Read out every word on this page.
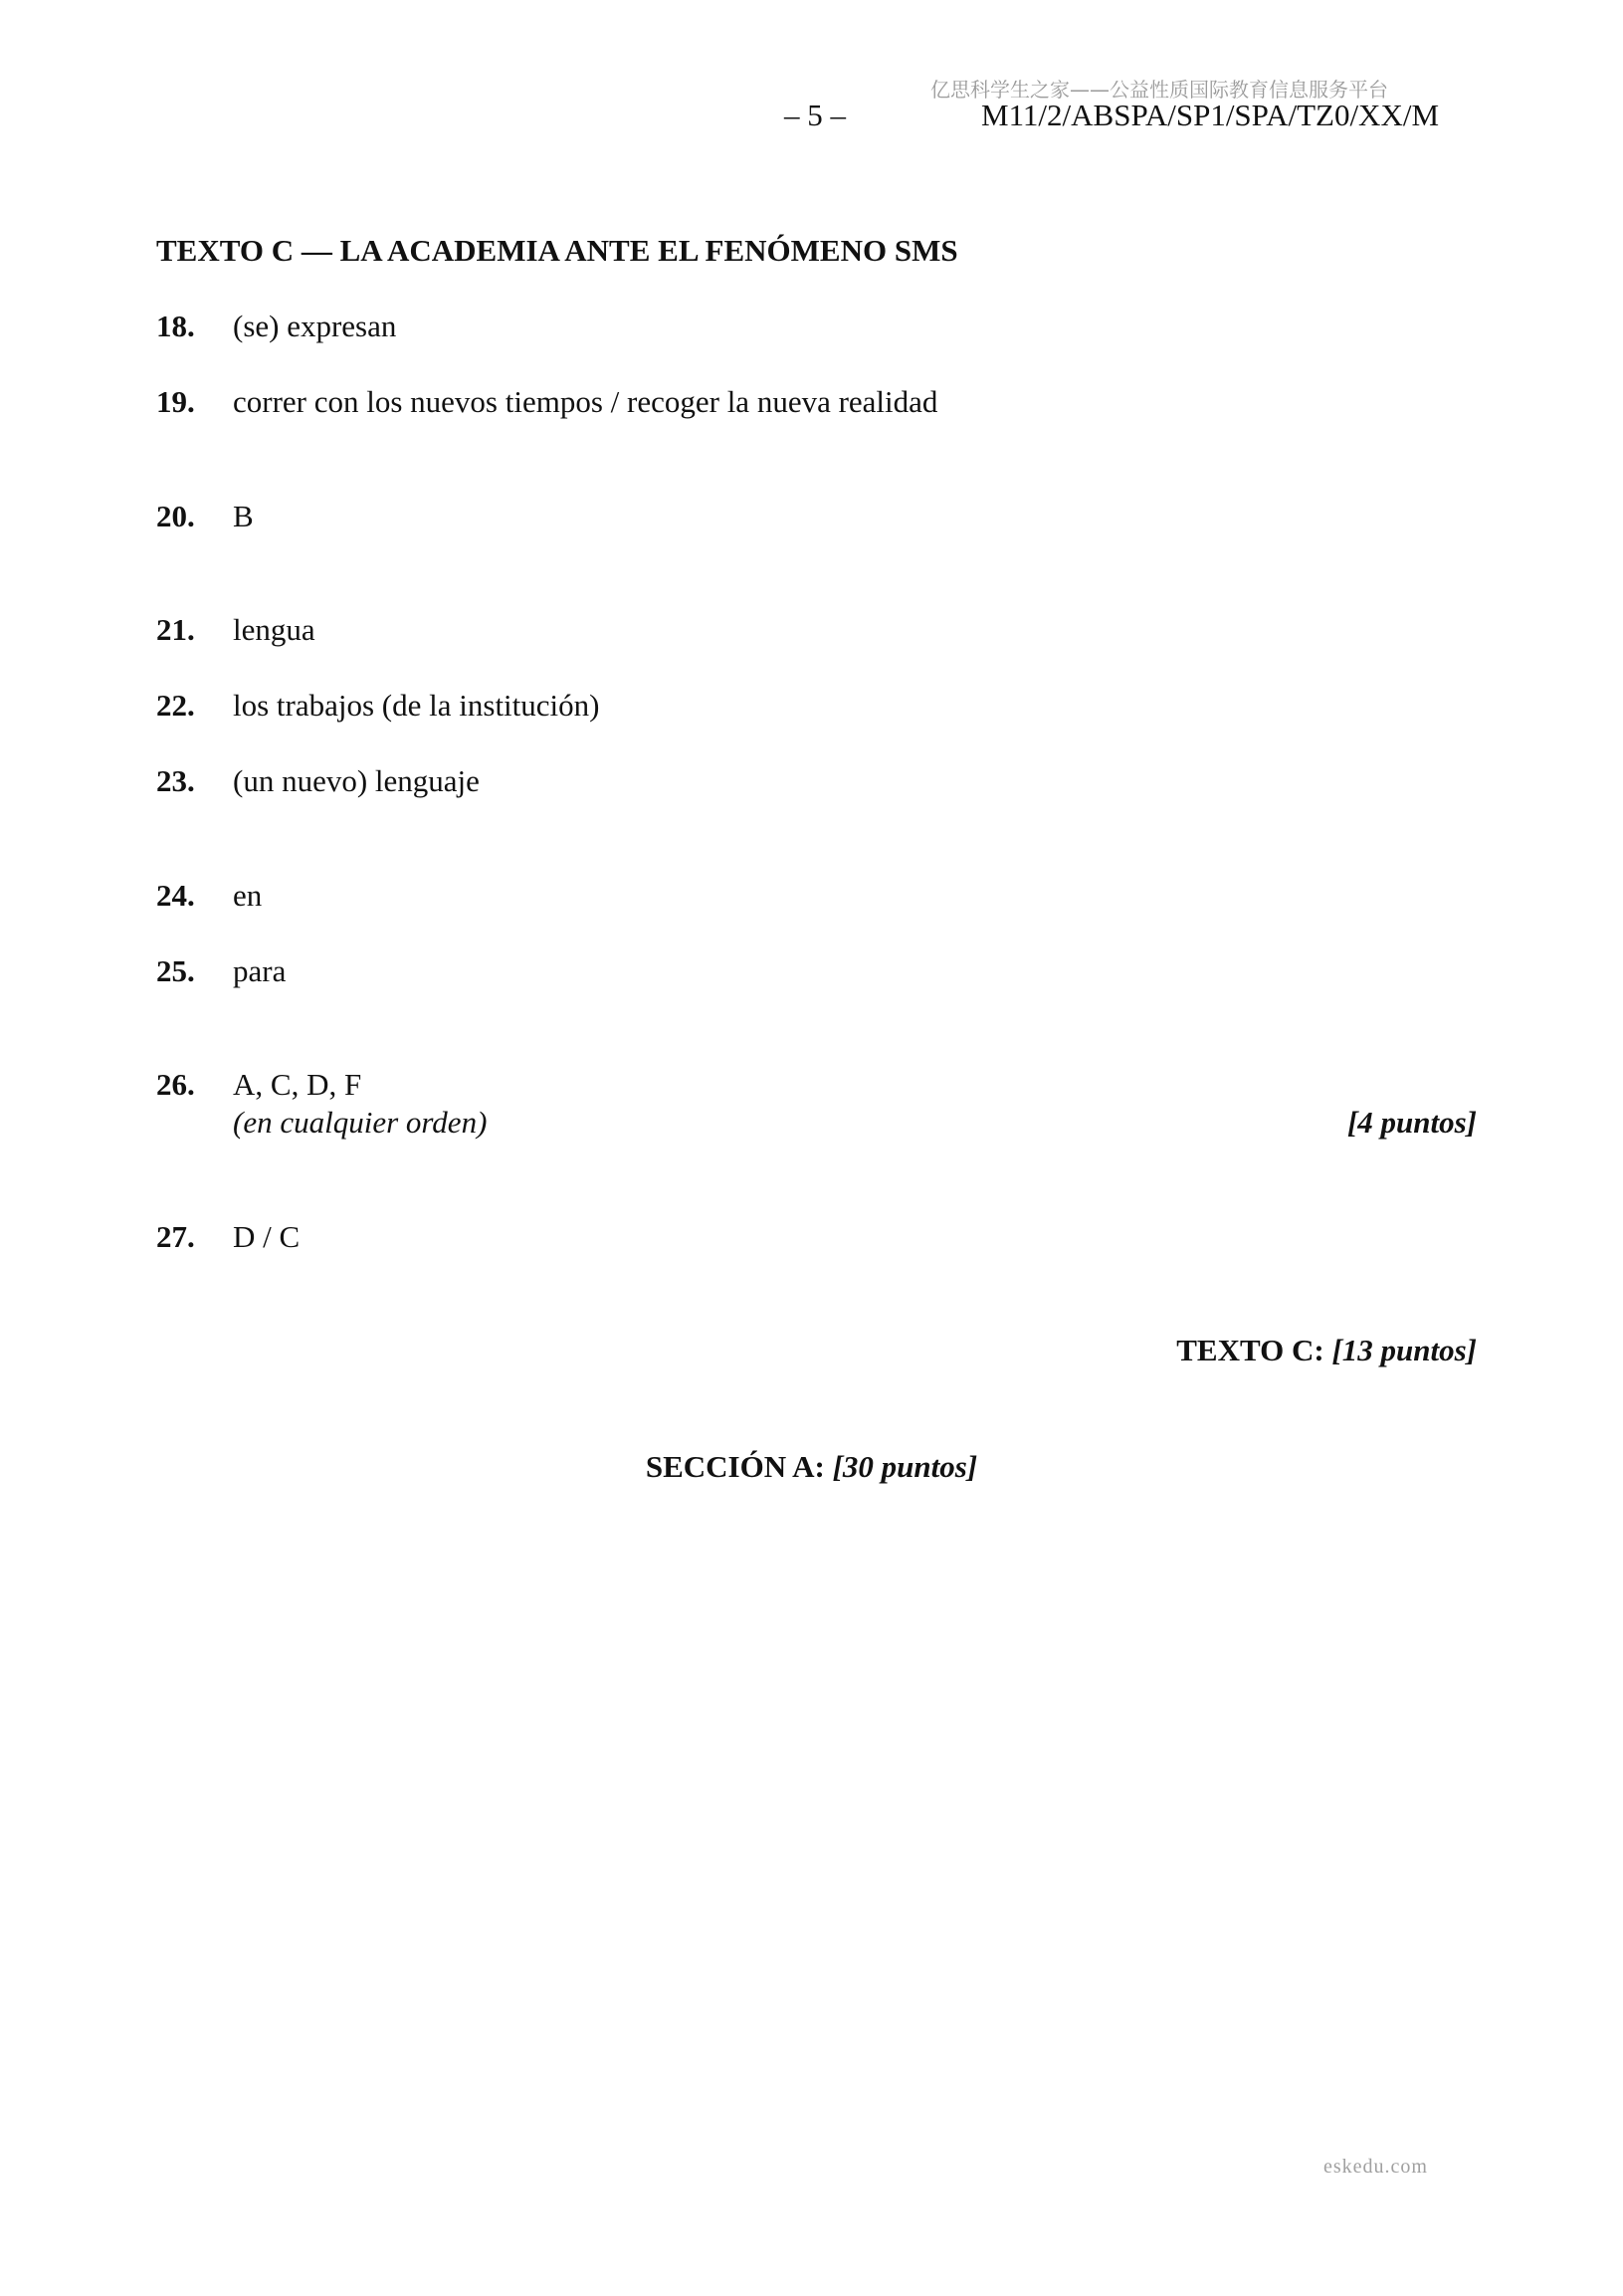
亿思科学生之家——公益性质国际教育信息服务平台
– 5 –	M11/2/ABSPA/SP1/SPA/TZ0/XX/M
TEXTO C — LA ACADEMIA ANTE EL FENÓMENO SMS
18. (se) expresan
19. correr con los nuevos tiempos / recoger la nueva realidad
20. B
21. lengua
22. los trabajos (de la institución)
23. (un nuevo) lenguaje
24. en
25. para
26. A, C, D, F
(en cualquier orden)	[4 puntos]
27. D / C
TEXTO C: [13 puntos]
SECCIÓN A: [30 puntos]
eskedu.com
